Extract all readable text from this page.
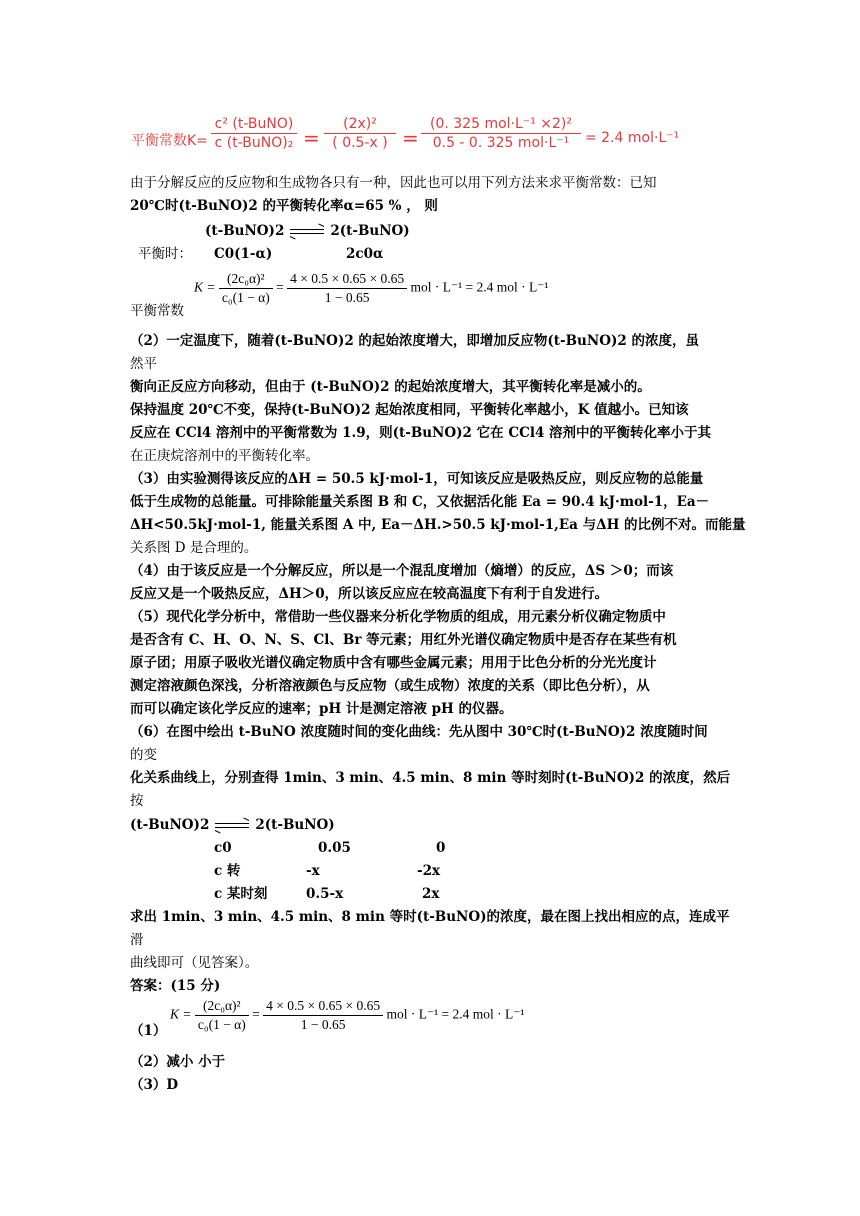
平衡常数K=
c² (t-BuNO)
c (t-BuNO)₂ = $\frac{\text{(2x)²}}{( 0.5-x )}$ =
(0. 325 mol·L⁻¹ ×2)²
0.5 - 0. 325 mol·L⁻¹	= 2.4 mol·L⁻¹
由于分解反应的反应物和生成物各只有一种，因此也可以用下列方法来求平衡常数：已知
20℃时(t-BuNO)2 的平衡转化率α=65 % ， 则
(t-BuNO)2	2(t-BuNO)
平衡时： C0(1-α)	2c0α
$K = \frac{\text{(2c₀α)²}}{\text{c₀(1 − α)}} = \frac{4 \times 0.5 \times 0.65 \times 0.65}{1 - 0.65}$ mol · L⁻¹ = 2.4 mol · L⁻¹
平衡常数
（2）一定温度下，随着(t-BuNO)2 的起始浓度增大，即增加反应物(t-BuNO)2 的浓度，虽
然平
衡向正反应方向移动，但由于 (t-BuNO)2 的起始浓度增大，其平衡转化率是减小的。
保持温度 20℃不变，保持(t-BuNO)2 起始浓度相同，平衡转化率越小，K 值越小。已知该
反应在 CCl4 溶剂中的平衡常数为 1.9，则(t-BuNO)2 它在 CCl4 溶剂中的平衡转化率小于其
在正庚烷溶剂中的平衡转化率。
（3）由实验测得该反应的ΔH = 50.5 kJ·mol-1，可知该反应是吸热反应，则反应物的总能量
低于生成物的总能量。可排除能量关系图 B 和 C，又依据活化能 Ea = 90.4 kJ·mol-1，Ea－
ΔH<50.5kJ·mol-1, 能量关系图 A 中, Ea－ΔH.>50.5 kJ·mol-1,Ea 与ΔH 的比例不对。而能量
关系图 D 是合理的。
（4）由于该反应是一个分解反应，所以是一个混乱度增加（熵增）的反应，ΔS ＞0；而该
反应又是一个吸热反应，ΔH＞0，所以该反应应在较高温度下有利于自发进行。
（5）现代化学分析中，常借助一些仪器来分析化学物质的组成，用元素分析仪确定物质中
是否含有 C、H、O、N、S、Cl、Br 等元素；用红外光谱仪确定物质中是否存在某些有机
原子团；用原子吸收光谱仪确定物质中含有哪些金属元素；用用于比色分析的分光光度计
测定溶液颜色深浅，分析溶液颜色与反应物（或生成物）浓度的关系（即比色分析），从
而可以确定该化学反应的速率；pH 计是测定溶液 pH 的仪器。
（6）在图中绘出 t-BuNO 浓度随时间的变化曲线：先从图中 30℃时(t-BuNO)2 浓度随时间
的变
化关系曲线上，分别查得 1min、3 min、4.5 min、8 min 等时刻时(t-BuNO)2 的浓度，然后
按
(t-BuNO)2	2(t-BuNO)
c0	0.05	0
c 转	-x	-2x
c 某时刻	0.5-x	2x
求出 1min、3 min、4.5 min、8 min 等时(t-BuNO)的浓度，最在图上找出相应的点，连成平
滑
曲线即可（见答案）。
答案：(15 分)
$K = \frac{\text{(2c₀α)²}}{\text{c₀(1 − α)}} = \frac{4 \times 0.5 \times 0.65 \times 0.65}{1 - 0.65}$ mol · L⁻¹ = 2.4 mol · L⁻¹
（1）
（2）减小 小于
（3）D
